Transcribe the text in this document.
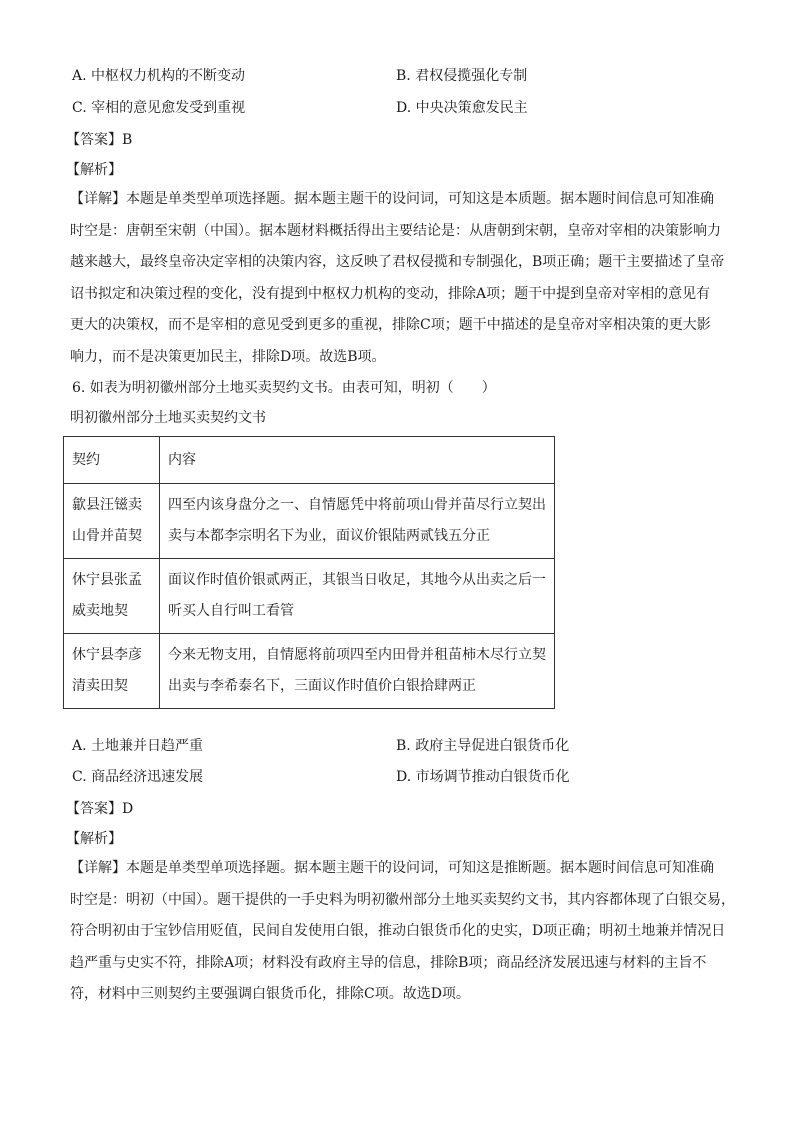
A. 中枢权力机构的不断变动	B. 君权侵揽强化专制
C. 宰相的意见愈发受到重视	D. 中央决策愈发民主
【答案】B
【解析】
【详解】本题是单类型单项选择题。据本题主题干的设问词，可知这是本质题。据本题时间信息可知准确
时空是：唐朝至宋朝（中国）。据本题材料概括得出主要结论是：从唐朝到宋朝，皇帝对宰相的决策影响力
越来越大，最终皇帝决定宰相的决策内容，这反映了君权侵揽和专制强化，B项正确；题干主要描述了皇帝
诏书拟定和决策过程的变化，没有提到中枢权力机构的变动，排除A项；题干中提到皇帝对宰相的意见有
更大的决策权，而不是宰相的意见受到更多的重视，排除C项；题干中描述的是皇帝对宰相决策的更大影
响力，而不是决策更加民主，排除D项。故选B项。
6. 如表为明初徽州部分土地买卖契约文书。由表可知，明初（　　）
明初徽州部分土地买卖契约文书
契约	内容

歙县汪镃卖
山骨并苗契	四至内该身盘分之一、自情愿凭中将前项山骨并苗尽行立契出
卖与本都李宗明名下为业，面议价银陆两贰钱五分正

休宁县张孟
威卖地契	面议作时值价银贰两正，其银当日收足，其地今从出卖之后一
听买人自行叫工看管

休宁县李彦
清卖田契	今来无物支用，自情愿将前项四至内田骨并租苗柿木尽行立契
出卖与李希泰名下，三面议作时值价白银拾肆两正
A. 土地兼并日趋严重	B. 政府主导促进白银货币化
C. 商品经济迅速发展	D. 市场调节推动白银货币化
【答案】D
【解析】
【详解】本题是单类型单项选择题。据本题主题干的设问词，可知这是推断题。据本题时间信息可知准确
时空是：明初（中国）。题干提供的一手史料为明初徽州部分土地买卖契约文书，其内容都体现了白银交易，
符合明初由于宝钞信用贬值，民间自发使用白银，推动白银货币化的史实，D项正确；明初土地兼并情况日
趋严重与史实不符，排除A项；材料没有政府主导的信息，排除B项；商品经济发展迅速与材料的主旨不
符，材料中三则契约主要强调白银货币化，排除C项。故选D项。
